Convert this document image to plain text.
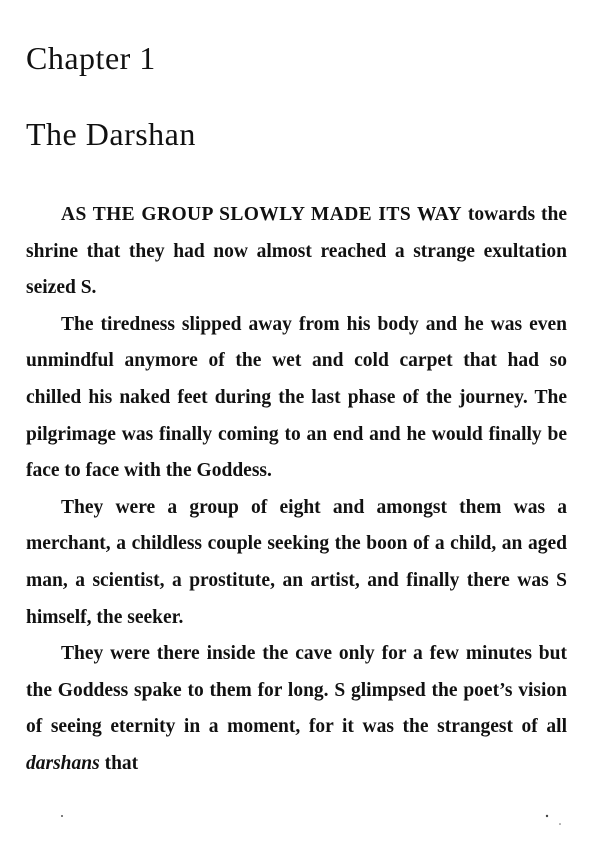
Chapter 1
The Darshan

AS THE GROUP SLOWLY MADE ITS WAY towards the shrine that they had now almost reached a strange exultation seized S.

The tiredness slipped away from his body and he was even unmindful anymore of the wet and cold carpet that had so chilled his naked feet during the last phase of the journey. The pilgrimage was finally coming to an end and he would finally be face to face with the Goddess.

They were a group of eight and amongst them was a merchant, a childless couple seeking the boon of a child, an aged man, a scientist, a prostitute, an artist, and finally there was S himself, the seeker.

They were there inside the cave only for a few minutes but the Goddess spake to them for long. S glimpsed the poet’s vision of seeing eternity in a moment, for it was the strangest of all darshans that
